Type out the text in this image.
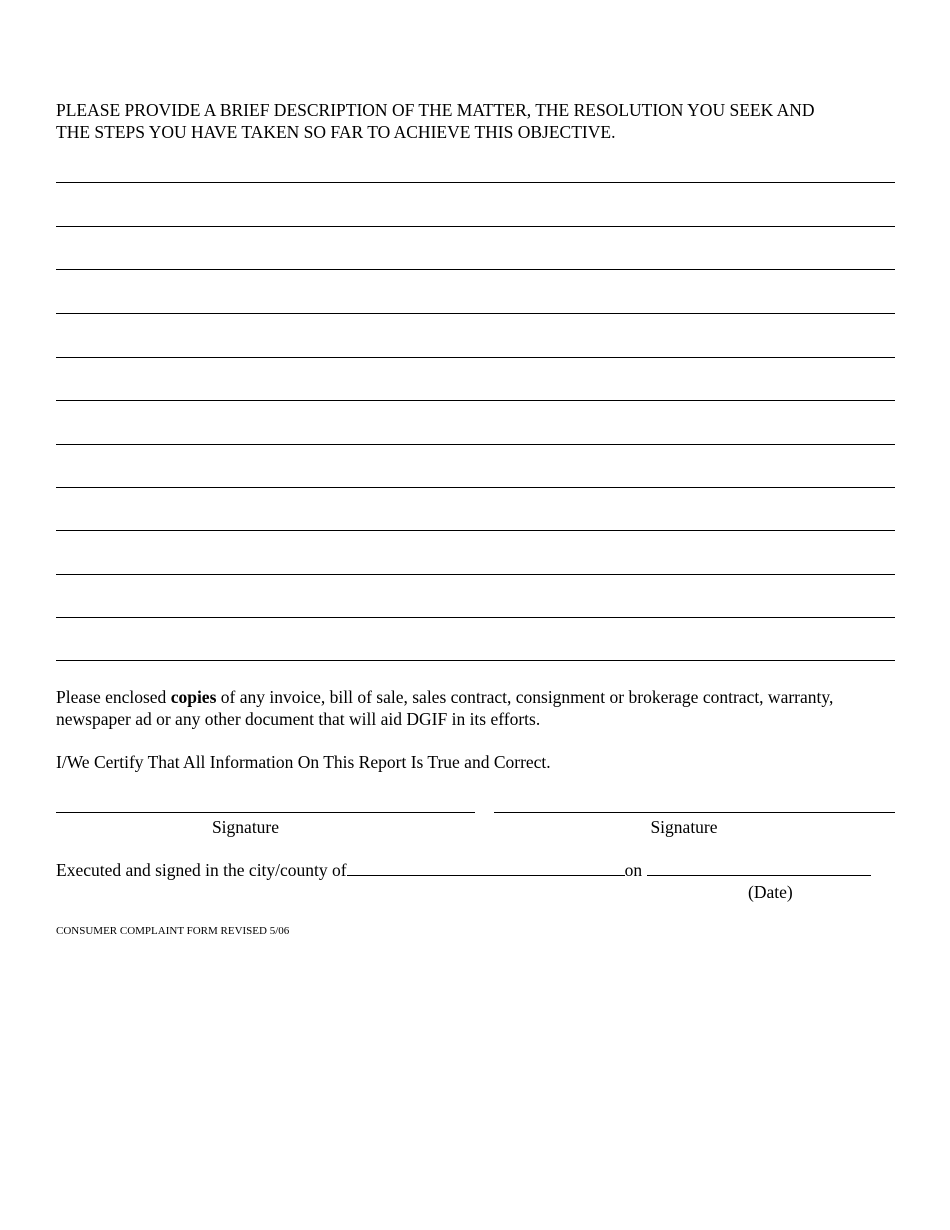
PLEASE PROVIDE A BRIEF DESCRIPTION OF THE MATTER, THE RESOLUTION YOU SEEK AND
THE STEPS YOU HAVE TAKEN SO FAR TO ACHIEVE THIS OBJECTIVE.

Please enclosed copies of any invoice, bill of sale, sales contract, consignment or brokerage contract, warranty, newspaper ad or any other document that will aid DGIF in its efforts.

I/We Certify That All Information On This Report Is True and Correct.

Signature	Signature
Executed and signed in the city/county of	on
(Date)
CONSUMER COMPLAINT FORM REVISED 5/06
